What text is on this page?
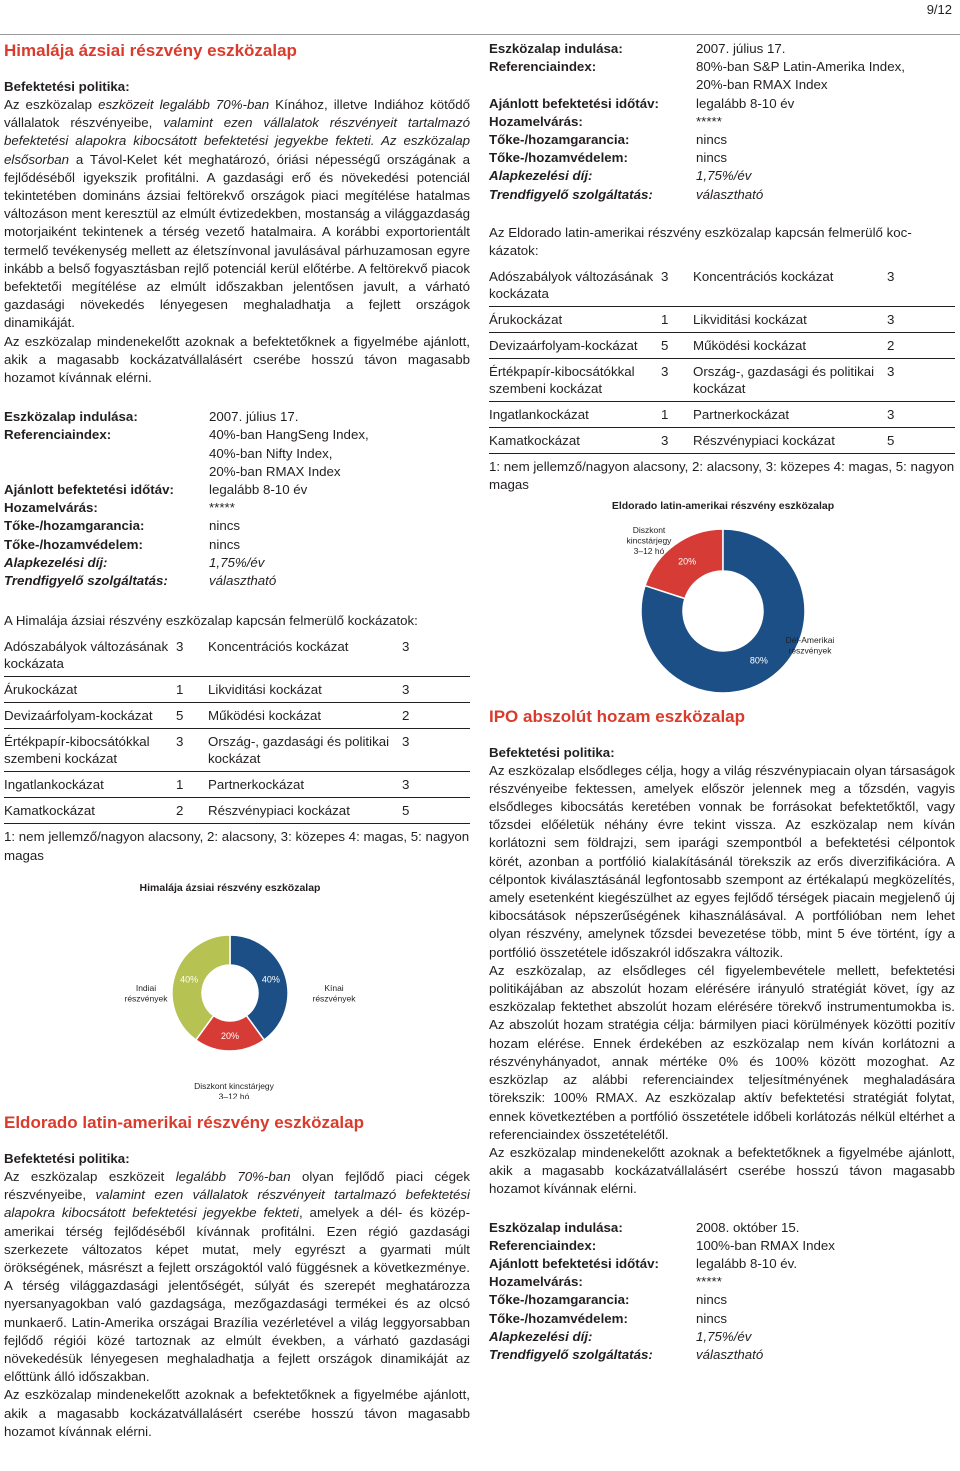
9/12
Himalája ázsiai részvény eszközalap
Befektetési politika:

Az eszközalap eszközeit legalább 70%-ban Kínához, illetve Indiához kötődő vállalatok részvényeibe, valamint ezen vállalatok részvényeit tartalmazó befektetési alapokra kibocsátott befektetési jegyekbe fekteti. Az eszközalap elsősorban a Távol-Kelet két meghatározó, óriási népességű országának a fejlődéséből igyekszik profitálni. A gazdasági erő és növekedési potenciál tekintetében domináns ázsiai feltörekvő országok piaci megítélése hatalmas változáson ment keresztül az elmúlt évtizedekben, mostanság a világgazdaság motorjaiként tekintenek a térség vezető hatalmaira. A korábbi exportorientált termelő tevékenység mellett az életszínvonal javulásával párhuzamosan egyre inkább a belső fogyasztásban rejlő potenciál kerül előtérbe. A feltörekvő piacok befektetői megítélése az elmúlt időszakban jelentősen javult, a várható gazdasági növekedés lényegesen meghaladhatja a fejlett országok dinamikáját.

Az eszközalap mindenekelőtt azoknak a befektetőknek a figyelmébe ajánlott, akik a magasabb kockázatvállalásért cserébe hosszú távon magasabb hozamot kívánnak elérni.

Eszközalap indulása:	2007. július 17.
Referenciaindex:	40%-ban HangSeng Index,
40%-ban Nifty Index,
20%-ban RMAX Index
Ajánlott befektetési időtáv:	legalább 8-10 év
Hozamelvárás:	*****
Tőke-/hozamgarancia:	nincs
Tőke-/hozamvédelem:	nincs
Alapkezelési díj:	1,75%/év
Trendfigyelő szolgáltatás:	választható
A Himalája ázsiai részvény eszközalap kapcsán felmerülő kockázatok:
Adószabályok változásának kockázata	3	Koncentrációs kockázat	3
Árukockázat	1	Likviditási kockázat	3
Devizaárfolyam-kockázat	5	Működési kockázat	2
Értékpapír-kibocsátókkal szembeni kockázat	3	Ország-, gazdasági és politikai kockázat	3
Ingatlankockázat	1	Partnerkockázat	3
Kamatkockázat	2	Részvénypiaci kockázat	5
1: nem jellemző/nagyon alacsony, 2: alacsony, 3: közepes 4: magas, 5: nagyon magas
Himalája ázsiai részvény eszközalap
40%
Kínai részvények
20%
Diszkont kincstárjegy 3–12 hó
40%
Indiai részvények
Eldorado latin-amerikai részvény eszközalap
Befektetési politika:

Az eszközalap eszközeit legalább 70%-ban olyan fejlődő piaci cégek részvényeibe, valamint ezen vállalatok részvényeit tartalmazó befektetési alapokra kibocsátott befektetési jegyekbe fekteti, amelyek a dél- és közép-amerikai térség fejlődéséből kívánnak profitálni. Ezen régió gazdasági szerkezete változatos képet mutat, mely egyrészt a gyarmati múlt örökségének, másrészt a fejlett országoktól való függésnek a következménye. A térség világgazdasági jelentőségét, súlyát és szerepét meghatározza nyersanyagokban való gazdagsága, mezőgazdasági termékei és az olcsó munkaerő. Latin-Amerika országai Brazília vezérletével a világ leggyorsabban fejlődő régiói közé tartoznak az elmúlt években, a várható gazdasági növekedésük lényegesen meghaladhatja a fejlett országok dinamikáját az előttünk álló időszakban.

Az eszközalap mindenekelőtt azoknak a befektetőknek a figyelmébe ajánlott, akik a magasabb kockázatvállalásért cserébe hosszú távon magasabb hozamot kívánnak elérni.

Eszközalap indulása:	2007. július 17.
Referenciaindex:	80%-ban S&P Latin-Amerika Index,
20%-ban RMAX Index
Ajánlott befektetési időtáv:	legalább 8-10 év
Hozamelvárás:	*****
Tőke-/hozamgarancia:	nincs
Tőke-/hozamvédelem:	nincs
Alapkezelési díj:	1,75%/év
Trendfigyelő szolgáltatás:	választható
Az Eldorado latin-amerikai részvény eszközalap kapcsán felmerülő kockázatok:
Adószabályok változásának kockázata	3	Koncentrációs kockázat	3
Árukockázat	1	Likviditási kockázat	3
Devizaárfolyam-kockázat	5	Működési kockázat	2
Értékpapír-kibocsátókkal szembeni kockázat	3	Ország-, gazdasági és politikai kockázat	3
Ingatlankockázat	1	Partnerkockázat	3
Kamatkockázat	3	Részvénypiaci kockázat	5
1: nem jellemző/nagyon alacsony, 2: alacsony, 3: közepes 4: magas, 5: nagyon magas
Eldorado latin-amerikai részvény eszközalap
20%
Diszkont kincstárjegy 3–12 hó
80%
Dél-Amerikai részvények
IPO abszolút hozam eszközalap
Befektetési politika:

Az eszközalap elsődleges célja, hogy a világ részvénypiacain olyan társaságok részvényeibe fektessen, amelyek először jelennek meg a tőzsdén, vagyis elsődleges kibocsátás keretében vonnak be forrásokat befektetőktől, vagy tőzsdei előéletük néhány évre tekint vissza. Az eszközalap nem kíván korlátozni sem földrajzi, sem iparági szempontból a befektetési célpontok körét, azonban a portfólió kialakításánál törekszik az erős diverzifikációra. A célpontok kiválasztásánál legfontosabb szempont az értékalapú megközelítés, amely esetenként kiegészülhet az egyes fejlődő térségek piacain megjelenő új kibocsátások népszerűségének kihasználásával. A portfólióban nem lehet olyan részvény, amelynek tőzsdei bevezetése több, mint 5 éve történt, így a portfólió összetétele időszakról időszakra változik.

Az eszközalap, az elsődleges cél figyelembevétele mellett, befektetési politikájában az abszolút hozam elérésére irányuló stratégiát követ, így az eszközalap fektethet abszolút hozam elérésére törekvő instrumentumokba is. Az abszolút hozam stratégia célja: bármilyen piaci körülmények közötti pozitív hozam elérése. Ennek érdekében az eszközalap nem kíván korlátozni a részvényhányadot, annak mértéke 0% és 100% között mozoghat. Az eszközlap az alábbi referenciaindex teljesítményének meghaladására törekszik: 100% RMAX. Az eszközalap aktív befektetési stratégiát folytat, ennek következtében a portfólió összetétele időbeli korlátozás nélkül eltérhet a referenciaindex összetételétől.

Az eszközalap mindenekelőtt azoknak a befektetőknek a figyelmébe ajánlott, akik a magasabb kockázatvállalásért cserébe hosszú távon magasabb hozamot kívánnak elérni.

Eszközalap indulása:	2008. október 15.
Referenciaindex:	100%-ban RMAX Index
Ajánlott befektetési időtáv:	legalább 8-10 év.
Hozamelvárás:	*****
Tőke-/hozamgarancia:	nincs
Tőke-/hozamvédelem:	nincs
Alapkezelési díj:	1,75%/év
Trendfigyelő szolgáltatás:	választható
